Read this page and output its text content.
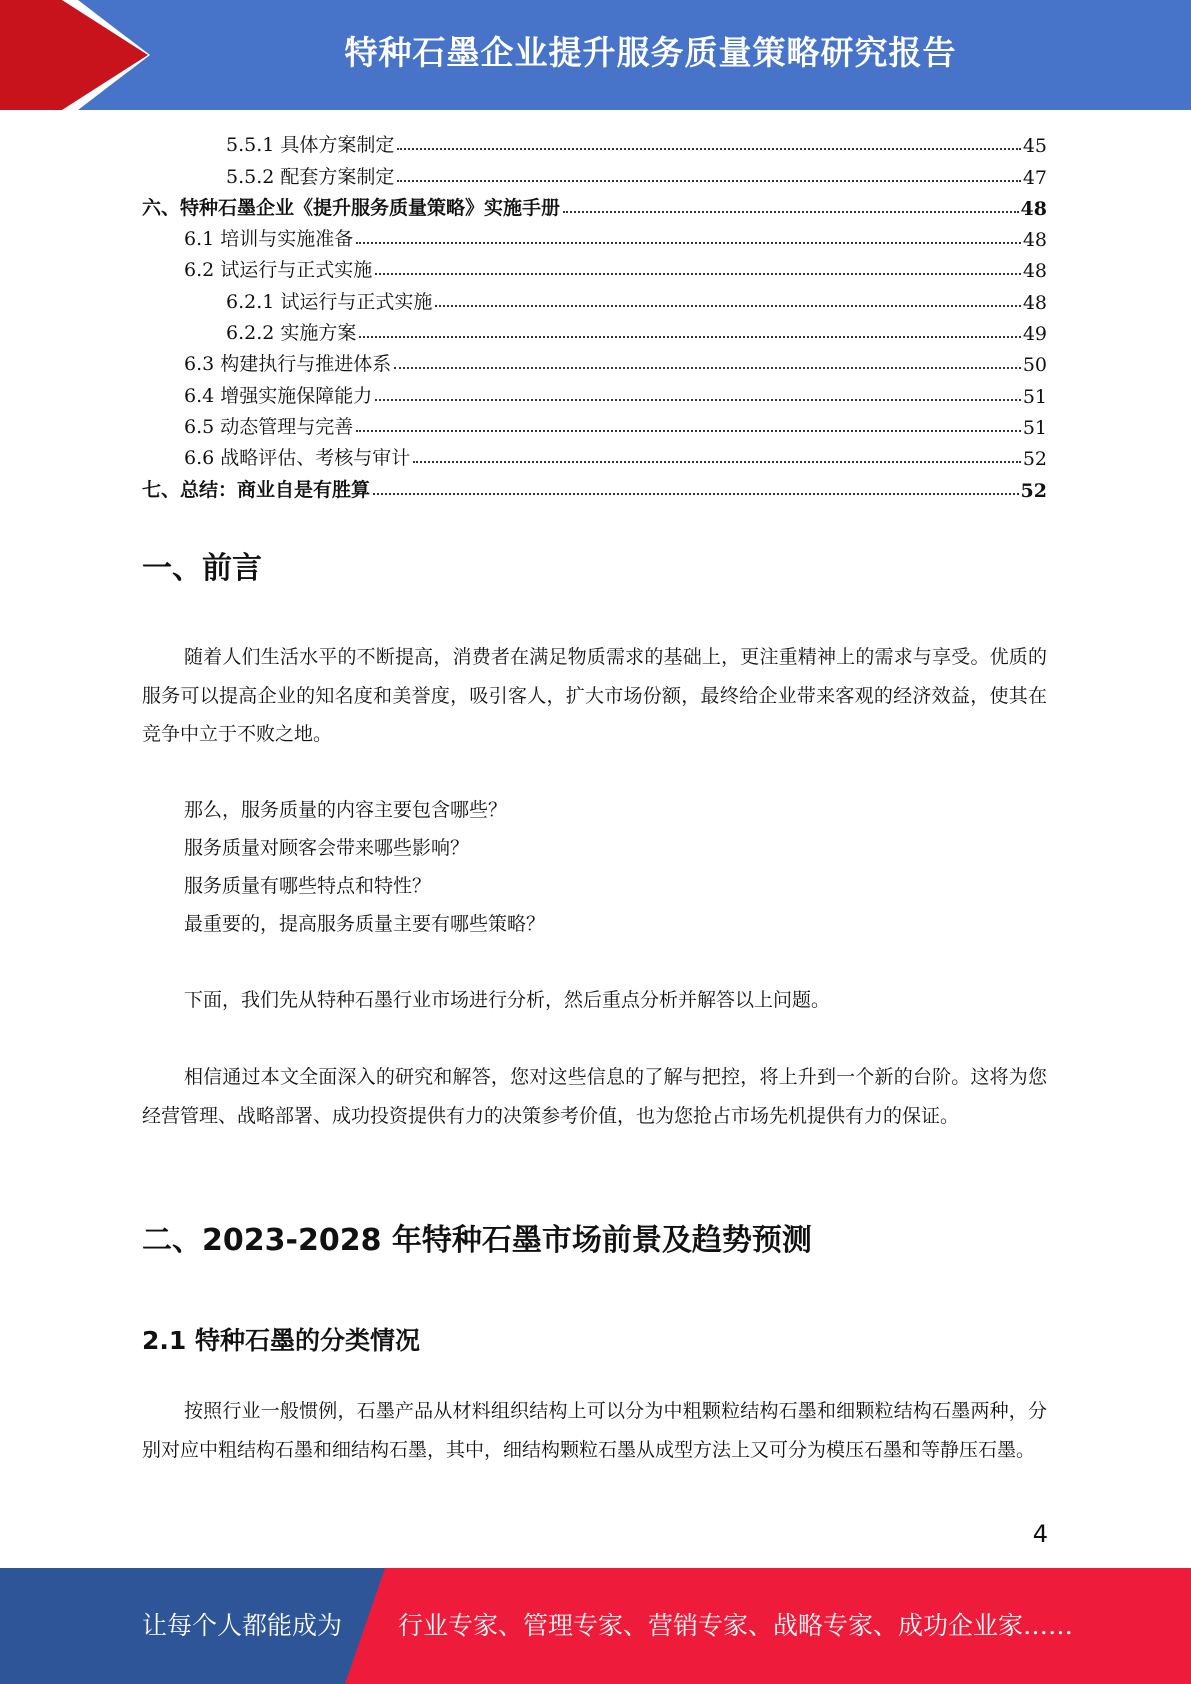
特种石墨企业提升服务质量策略研究报告
5.5.1 具体方案制定	45
5.5.2 配套方案制定	47
六、特种石墨企业《提升服务质量策略》实施手册	48
6.1 培训与实施准备	48
6.2 试运行与正式实施	48
6.2.1 试运行与正式实施	48
6.2.2 实施方案	49
6.3 构建执行与推进体系	50
6.4 增强实施保障能力	51
6.5 动态管理与完善	51
6.6 战略评估、考核与审计	52
七、总结：商业自是有胜算	52
一、前言

随着人们生活水平的不断提高，消费者在满足物质需求的基础上，更注重精神上的需求与享受。优质的服务可以提高企业的知名度和美誉度，吸引客人，扩大市场份额，最终给企业带来客观的经济效益，使其在竞争中立于不败之地。

那么，服务质量的内容主要包含哪些？

服务质量对顾客会带来哪些影响？

服务质量有哪些特点和特性？

最重要的，提高服务质量主要有哪些策略？

下面，我们先从特种石墨行业市场进行分析，然后重点分析并解答以上问题。

相信通过本文全面深入的研究和解答，您对这些信息的了解与把控，将上升到一个新的台阶。这将为您经营管理、战略部署、成功投资提供有力的决策参考价值，也为您抢占市场先机提供有力的保证。

二、2023-2028 年特种石墨市场前景及趋势预测
2.1 特种石墨的分类情况

按照行业一般惯例，石墨产品从材料组织结构上可以分为中粗颗粒结构石墨和细颗粒结构石墨两种，分别对应中粗结构石墨和细结构石墨，其中，细结构颗粒石墨从成型方法上又可分为模压石墨和等静压石墨。

4
让每个人都能成为 行业专家、管理专家、营销专家、战略专家、成功企业家……
